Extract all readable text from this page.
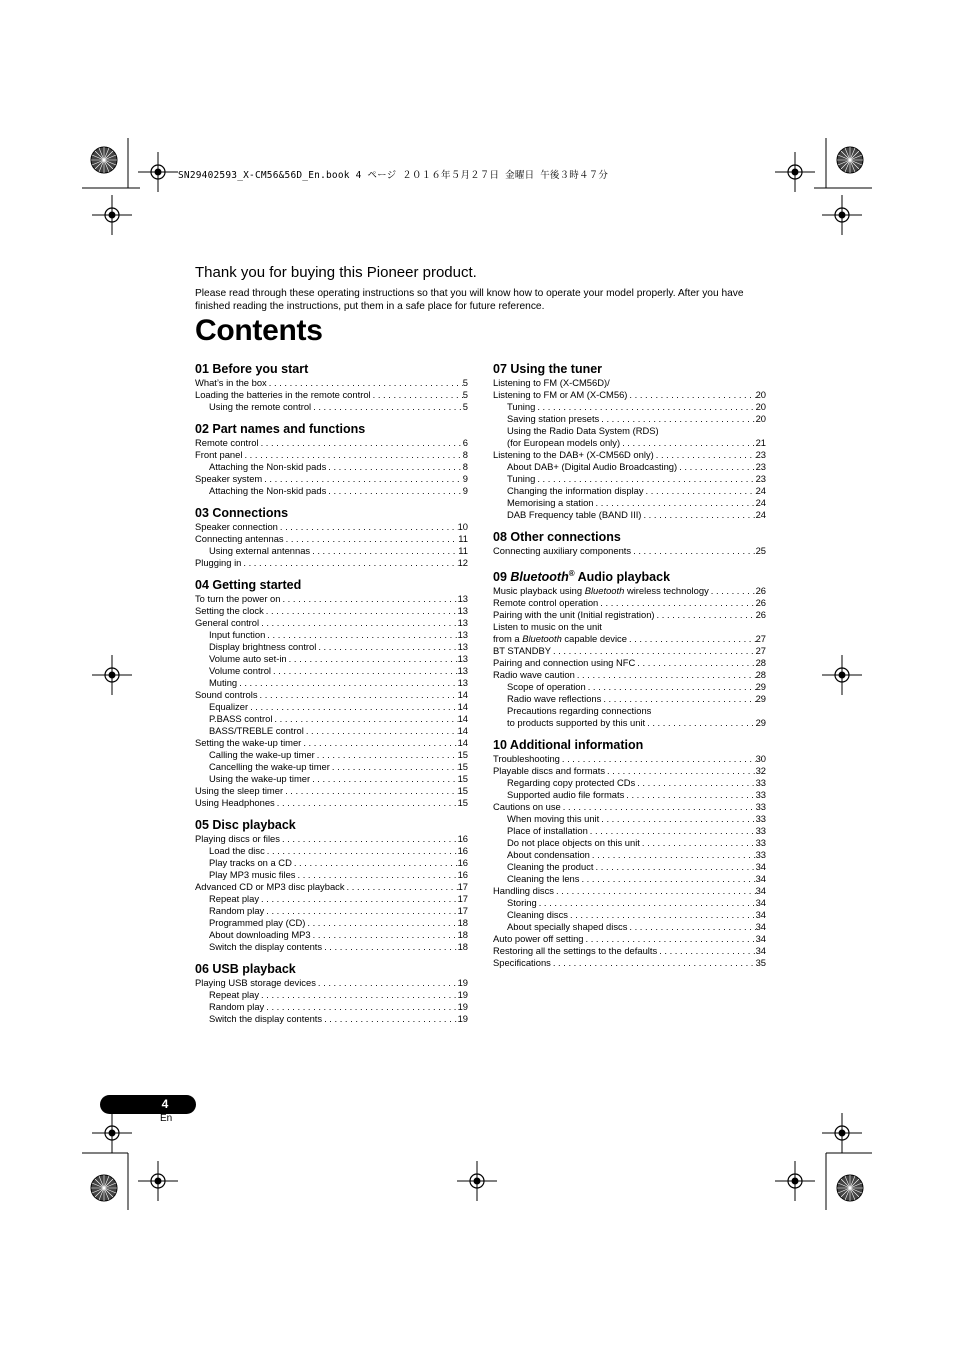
SN29402593_X-CM56&56D_En.book 4 ページ ２０１６年５月２７日 金曜日 午後３時４７分
Thank you for buying this Pioneer product.
Please read through these operating instructions so that you will know how to operate your model properly. After you have finished reading the instructions, put them in a safe place for future reference.
Contents
01 Before you start
What’s in the box . . .	5
Loading the batteries in the remote control . . .	5
Using the remote control . . .	5
02 Part names and functions
Remote control . . .	6
Front panel . . .	8
Attaching the Non-skid pads . . .	8
Speaker system . . .	9
Attaching the Non-skid pads . . .	9
03 Connections
Speaker connection . . .	10
Connecting antennas . . .	11
Using external antennas . . .	11
Plugging in . . .	12
04 Getting started
To turn the power on . . .	13
Setting the clock . . .	13
General control . . .	13
Input function . . .	13
Display brightness control . . .	13
Volume auto set-in . . .	13
Volume control . . .	13
Muting . . .	13
Sound controls . . .	14
Equalizer . . .	14
P.BASS control . . .	14
BASS/TREBLE control . . .	14
Setting the wake-up timer . . .	14
Calling the wake-up timer . . .	15
Cancelling the wake-up timer . . .	15
Using the wake-up timer . . .	15
Using the sleep timer . . .	15
Using Headphones . . .	15
05 Disc playback
Playing discs or files . . .	16
Load the disc . . .	16
Play tracks on a CD . . .	16
Play MP3 music files . . .	16
Advanced CD or MP3 disc playback . . .	17
Repeat play . . .	17
Random play . . .	17
Programmed play (CD) . . .	18
About downloading MP3 . . .	18
Switch the display contents . . .	18
06 USB playback
Playing USB storage devices . . .	19
Repeat play . . .	19
Random play . . .	19
Switch the display contents . . .	19
07 Using the tuner
Listening to FM (X-CM56D)/
Listening to FM or AM (X-CM56) . . .	20
Tuning . . .	20
Saving station presets . . .	20
Using the Radio Data System (RDS)
(for European models only) . . .	21
Listening to the DAB+ (X-CM56D only) . . .	23
About DAB+ (Digital Audio Broadcasting) . . .	23
Tuning . . .	23
Changing the information display . . .	24
Memorising a station . . .	24
DAB Frequency table (BAND III) . . .	24
08 Other connections
Connecting auxiliary components . . .	25
09 Bluetooth® Audio playback
Music playback using Bluetooth wireless technology . . .	26
Remote control operation . . .	26
Pairing with the unit (Initial registration) . . .	26
Listen to music on the unit
from a Bluetooth capable device . . .	27
BT STANDBY . . .	27
Pairing and connection using NFC . . .	28
Radio wave caution . . .	28
Scope of operation . . .	29
Radio wave reflections . . .	29
Precautions regarding connections
to products supported by this unit . . .	29
10 Additional information
Troubleshooting . . .	30
Playable discs and formats . . .	32
Regarding copy protected CDs . . .	33
Supported audio file formats . . .	33
Cautions on use . . .	33
When moving this unit . . .	33
Place of installation . . .	33
Do not place objects on this unit . . .	33
About condensation . . .	33
Cleaning the product . . .	34
Cleaning the lens . . .	34
Handling discs . . .	34
Storing . . .	34
Cleaning discs . . .	34
About specially shaped discs . . .	34
Auto power off setting . . .	34
Restoring all the settings to the defaults . . .	34
Specifications . . .	35
4
En
